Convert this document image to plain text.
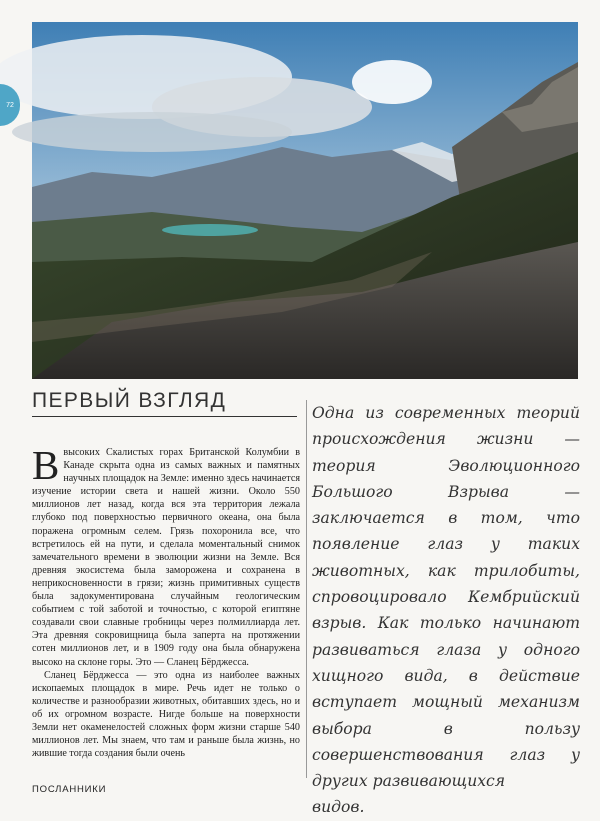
72
ПЕРВЫЙ ВЗГЛЯД

В высоких Скалистых горах Британской Колумбии в Канаде скрыта одна из самых важных и памятных научных площадок на Земле: именно здесь начинается изучение истории света и нашей жизни. Около 550 миллионов лет назад, когда вся эта территория лежала глубоко под поверхностью первичного океана, она была поражена огромным селем. Грязь похоронила все, что встретилось ей на пути, и сделала моментальный снимок замечательного времени в эволюции жизни на Земле. Вся древняя экосистема была заморожена и сохранена в неприкосновенности в грязи; жизнь примитивных существ была задокументирована случайным геологическим событием с той заботой и точностью, с которой египтяне создавали свои славные гробницы через полмиллиарда лет. Эта древняя сокровищница была заперта на протяжении сотен миллионов лет, и в 1909 году она была обнаружена высоко на склоне горы. Это — Сланец Бёрджесса.

Сланец Бёрджесса — это одна из наиболее важных ископаемых площадок в мире. Речь идет не только о количестве и разнообразии животных, обитавших здесь, но и об их огромном возрасте. Нигде больше на поверхности Земли нет окаменелостей сложных форм жизни старше 540 миллионов лет. Мы знаем, что там и раньше была жизнь, но жившие тогда создания были очень

Одна из современных теорий происхождения жизни — теория Эволюционного Большого Взрыва — заключается в том, что появление глаз у таких животных, как трилобиты, спровоцировало Кембрийский взрыв. Как только начинают развиваться глаза у одного хищного вида, в действие вступает мощный механизм выбора в пользу совершенствования глаз у других развивающихся
видов.
ПОСЛАННИКИ
